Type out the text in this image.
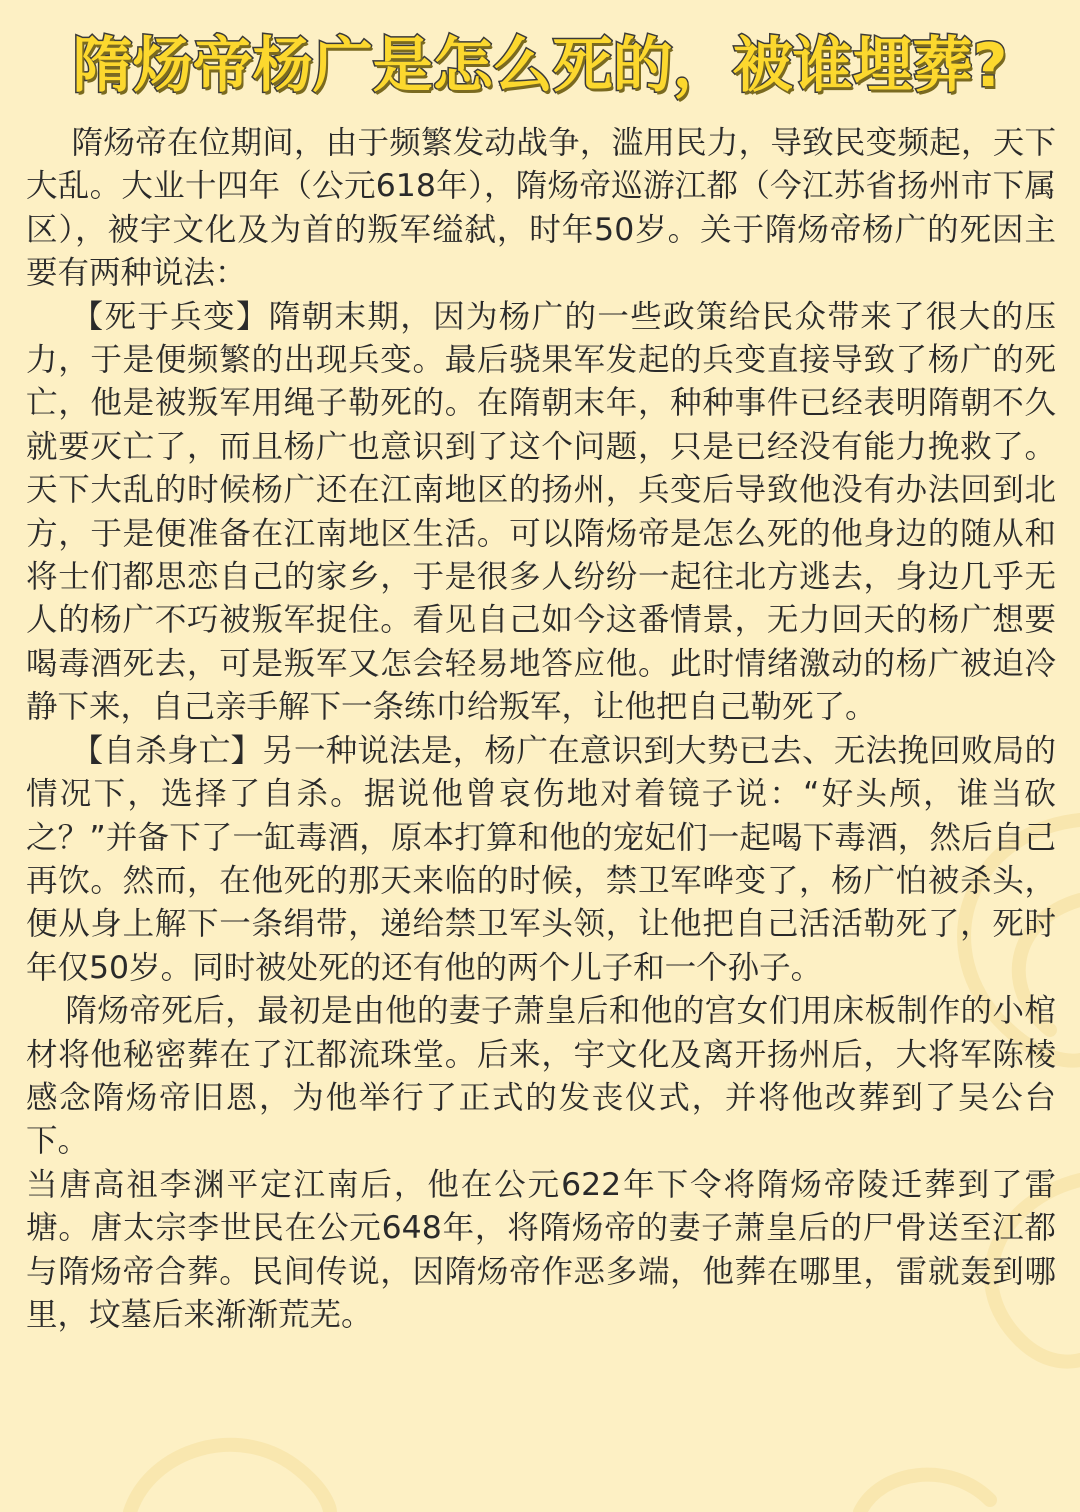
隋炀帝杨广是怎么死的，被谁埋葬?

隋炀帝在位期间，由于频繁发动战争，滥用民力，导致民变频起，天下大乱。大业十四年（公元618年），隋炀帝巡游江都（今江苏省扬州市下属区），被宇文化及为首的叛军缢弑，时年50岁。关于隋炀帝杨广的死因主要有两种说法：

【死于兵变】隋朝末期，因为杨广的一些政策给民众带来了很大的压力，于是便频繁的出现兵变。最后骁果军发起的兵变直接导致了杨广的死亡，他是被叛军用绳子勒死的。在隋朝末年，种种事件已经表明隋朝不久就要灭亡了，而且杨广也意识到了这个问题，只是已经没有能力挽救了。天下大乱的时候杨广还在江南地区的扬州，兵变后导致他没有办法回到北方，于是便准备在江南地区生活。可以隋炀帝是怎么死的他身边的随从和将士们都思恋自己的家乡，于是很多人纷纷一起往北方逃去，身边几乎无人的杨广不巧被叛军捉住。看见自己如今这番情景，无力回天的杨广想要喝毒酒死去，可是叛军又怎会轻易地答应他。此时情绪激动的杨广被迫冷静下来，自己亲手解下一条练巾给叛军，让他把自己勒死了。

【自杀身亡】另一种说法是，杨广在意识到大势已去、无法挽回败局的情况下，选择了自杀。据说他曾哀伤地对着镜子说：“好头颅，谁当砍之？”并备下了一缸毒酒，原本打算和他的宠妃们一起喝下毒酒，然后自己再饮。然而，在他死的那天来临的时候，禁卫军哗变了，杨广怕被杀头，便从身上解下一条绢带，递给禁卫军头领，让他把自己活活勒死了，死时年仅50岁。同时被处死的还有他的两个儿子和一个孙子。

隋炀帝死后，最初是由他的妻子萧皇后和他的宫女们用床板制作的小棺材将他秘密葬在了江都流珠堂。后来，宇文化及离开扬州后，大将军陈棱感念隋炀帝旧恩，为他举行了正式的发丧仪式，并将他改葬到了吴公台下。

当唐高祖李渊平定江南后，他在公元622年下令将隋炀帝陵迁葬到了雷塘。唐太宗李世民在公元648年，将隋炀帝的妻子萧皇后的尸骨送至江都与隋炀帝合葬。民间传说，因隋炀帝作恶多端，他葬在哪里，雷就轰到哪里，坟墓后来渐渐荒芜。
